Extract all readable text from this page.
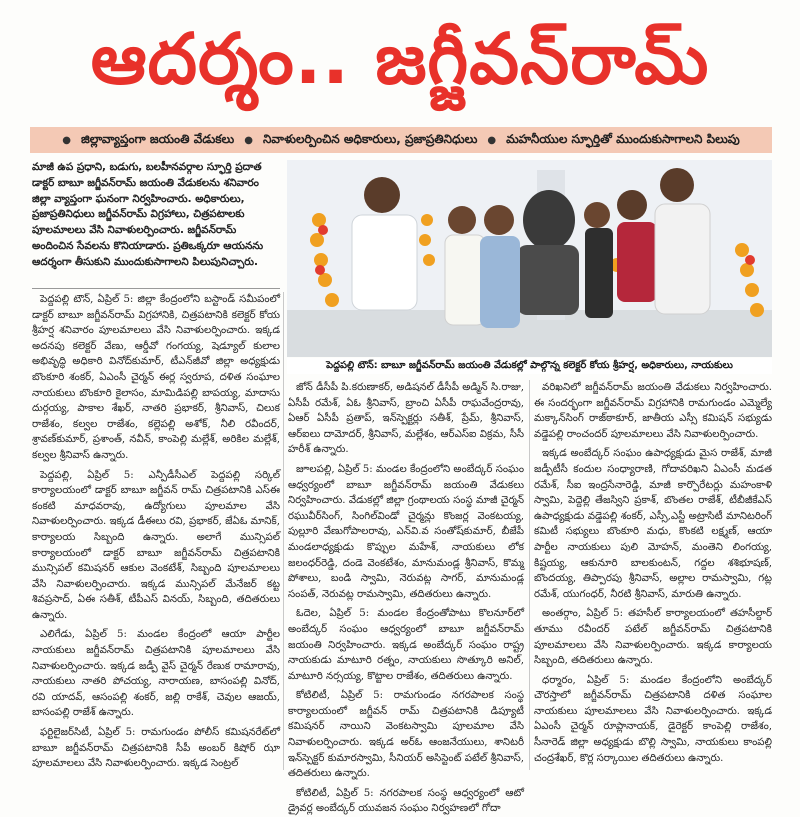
ఆదర్శం.. జగ్జీవన్‌రామ్
● జిల్లావ్యాప్తంగా జయంతి వేడుకలు ● నివాళులర్పించిన అధికారులు, ప్రజాప్రతినిధులు ● మహనీయుల స్ఫూర్తితో ముందుకుసాగాలని పిలుపు
మాజీ ఉప ప్రధాని, బడుగు, బలహీనవర్గాల స్ఫూర్తి ప్రదాత డాక్టర్ బాబూ జగ్జీవన్‌రామ్ జయంతి వేడుకలను శనివారం జిల్లా వ్యాప్తంగా ఘనంగా నిర్వహించారు. అధికారులు, ప్రజాప్రతినిధులు జగ్జీవన్‌రామ్ విగ్రహాలు, చిత్రపటాలకు పూలమాలలు వేసి నివాళులర్పించారు. జగ్జీవన్‌రామ్ అందించిన సేవలను కొనియాడారు. ప్రతిఒక్కరూ ఆయనను ఆదర్శంగా తీసుకుని ముందుకుసాగాలని పిలుపునిచ్చారు.
పెద్దపల్లి టౌన్: బాబూ జగ్జీవన్‌రామ్ జయంతి వేడుకల్లో పాల్గొన్న కలెక్టర్ కోయ శ్రీహర్ష, అధికారులు, నాయకులు

పెద్దపల్లి టౌన్, ఏప్రిల్ 5: జిల్లా కేంద్రంలోని బస్టాండ్ సమీపంలో డాక్టర్ బాబూ జగ్జీవన్‌రామ్ విగ్రహానికి, చిత్రపటానికి కలెక్టర్ కోయ శ్రీహర్ష శనివారం పూలమాలలు వేసి నివాళులర్పించారు. ఇక్కడ అదనపు కలెక్టర్ వేణు, ఆర్డీవో గంగయ్య, షెడ్యూల్ కులాల అభివృద్ధి అధికారి వినోద్‌కుమార్, టీఎన్‌జీవో జిల్లా అధ్యక్షుడు బొంకూరి శంకర్, ఏఎంసీ చైర్మన్ ఈర్ల స్వరూప, దళిత సంఘాల నాయకులు బొంకూరి కైలాసం, మామిడిపల్లి బాపయ్య, మాదాసు దుర్గయ్య, పాకాల శేఖర్, నాతరి ప్రభాకర్, శ్రీనివాస్, చిలుక రాజేశం, కల్వల రాజేశం, కల్లెపల్లి అశోక్, నీలి రవీందర్, శ్రావణ్‌కుమార్, ప్రశాంత్, నవీన్, కాంపెల్లి మల్లేశ్, అరికిల మల్లేశ్, కల్వల శ్రీనివాస్ ఉన్నారు.

పెద్దపల్లి, ఏప్రిల్ 5: ఎన్పీడీసీఎల్ పెద్దపల్లి సర్కిల్ కార్యాలయంలో డాక్టర్ బాబూ జగ్జీవన్ రామ్ చిత్రపటానికి ఎస్ఈ కంకటి మాధవరావు, ఉద్యోగులు పూలమాల వేసి నివాళులర్పించారు. ఇక్కడ డీఈలు రవి, ప్రభాకర్, జేఏఓ మానిక్, కార్యాలయ సిబ్బంది ఉన్నారు. అలాగే మున్సిపల్ కార్యాలయంలో డాక్టర్ బాబూ జగ్జీవన్‌రామ్ చిత్రపటానికి మున్సిపల్ కమిషనర్ ఆకుల వెంకటేశ్, సిబ్బంది పూలమాలలు వేసి నివాళులర్పించారు. ఇక్కడ మున్సిపల్ మేనేజర్ కట్ట శివప్రసాద్, ఏఈ సతీశ్, టీపీఎస్ వినయ్, సిబ్బంది, తదితరులు ఉన్నారు.

ఎలిగేడు, ఏప్రిల్ 5: మండల కేంద్రంలో ఆయా పార్టీల నాయకులు జగ్జీవన్‌రామ్ చిత్రపటానికి పూలమాలలు వేసి నివాళులర్పించారు. ఇక్కడ జడ్పీ వైస్ చైర్మన్ రేణుక రామారావు, నాయకులు నాతరి పోచయ్య, నారాయణ, బాసంపల్లి వినోద్, రవి యాదవ్, ఆసంపల్లి శంకర్, జల్లి రాకేశ్, చెవుల ఆజయ్, బాసంపల్లి రాజేశ్ ఉన్నారు.

ఫర్టిలైజర్‌సిటీ, ఏప్రిల్ 5: రామగుండం పోలీస్ కమిషనరేట్‌లో బాబూ జగ్జీవన్‌రామ్ చిత్రపటానికి సీపీ అంబర్ కిషోర్ ఝా పూలమాలలు వేసి నివాళులర్పించారు. ఇక్కడ సెంట్రల్

జోన్ డీసీపీ పి.కరుణాకర్, అడిషనల్ డీసీపీ అడ్మిన్ సి.రాజు, ఏసీపీ రమేశ్, ఏఓ శ్రీనివాస్, బ్రాంచి ఏసీపీ రాఘవేంద్రరావు, ఏఆర్ ఏసీపీ ప్రతాప్, ఇన్‌స్పెక్టర్లు సతీశ్, ప్రేమ్, శ్రీనివాస్, ఆర్ఐలు దామోదర్, శ్రీనివాస్, మల్లేశం, ఆర్ఎస్ఐ విక్రమ, సీసీ హరీశ్ ఉన్నారు.

జూలపల్లి, ఏప్రిల్ 5: మండల కేంద్రంలోని అంబేద్కర్ సంఘం ఆధ్వర్యంలో బాబూ జగ్జీవన్‌రామ్ జయంతి వేడుకలు నిర్వహించారు. వేడుకల్లో జిల్లా గ్రంథాలయ సంస్థ మాజీ చైర్మన్ రఘువీర్‌సింగ్, సింగిల్‌విండో చైర్మన్లు కొంజర్ల వెంకటయ్య, పుల్లూరి వేణుగోపాలరావు, ఎన్‌వి.వ‌ సంతోష్‌కుమార్, బీజేపీ మండలాధ్యక్షుడు కొప్పుల మహేశ్, నాయకులు లోక జలంధర్‌రెడ్డి, దండె వెంకటేశం, మానుమండ్ల శ్రీనివాస్, కొమ్మ పోశాలు, బండి స్వామి, నెరువట్ల సాగర్, మానుమండ్ల సంపత్, నెరువట్ల రామస్వామి, తదితరులు ఉన్నారు.

ఓదెల, ఏప్రిల్ 5: మండల కేంద్రంతోపాటు కొలనూర్‌లో అంబేద్కర్ సంఘం ఆధ్వర్యంలో బాబూ జగ్జీవన్‌రామ్ జయంతి నిర్వహించారు. ఇక్కడ అంబేద్కర్ సంఘం రాష్ట్ర నాయకుడు మాటూరి రత్నం, నాయకులు సొత్కూరి అనిల్, మాటూరి నర్సయ్య, కొట్టాల రాజేశం, తదితరులు ఉన్నారు.

కోటిలిటీ, ఏప్రిల్ 5: రామగుండం నగరపాలక సంస్థ కార్యాలయంలో జగ్జీవన్ రామ్ చిత్రపటానికి డిప్యూటీ కమిషనర్ నాయిని వెంకటస్వామి పూలమాల వేసి నివాళులర్పించారు. ఇక్కడ అర్ఓ ఆంజనేయులు, శానిటరీ ఇన్‌స్పెక్టర్ కుమారస్వామి, సీనియర్ అసిస్టెంట్ పటేల్ శ్రీనివాస్, తదితరులు ఉన్నారు.

కోటిలిటీ, ఏప్రిల్ 5: నగరపాలక సంస్థ ఆధ్వర్యంలో ఆటో డ్రైవర్ల అంబేద్కర్ యువజన సంఘం నిర్వహణలో గోదా

వరిఖనిలో జగ్జీవన్‌రామ్ జయంతి వేడుకలు నిర్వహించారు. ఈ సందర్భంగా జగ్జీవన్‌రామ్ విగ్రహానికి రామగుండం ఎమ్మెల్యే మక్కాన్‌సింగ్ రాజ్‌ఠాకూర్, జాతీయ ఎస్సీ కమిషన్ సభ్యుడు వడ్డెపల్లి రాంచందర్ పూలమాలలు వేసి నివాళులర్పించారు.

ఇక్కడ అంబేద్కర్ సంఘం ఉపాధ్యక్షుడు మైస రాజేశ్, మాజీ జడ్పీటీసీ కందుల సంధ్యారాణి, గోదావరిఖని ఏఎంసీ మడత రమేశ్, సీఐ ఇంద్రసేనారెడ్డి, మాజీ కార్పొరేటర్లు మహంకాళి స్వామి, పెద్దెల్లి తేజస్విని ప్రకాశ్, బొంతల రాజేశ్, టీబీజీకేఎస్ ఉపాధ్యక్షుడు వడ్డెపల్లి శంకర్, ఎస్సీ,ఎస్టీ అట్రాసిటీ మానిటరింగ్ కమిటీ సభ్యులు బొంకూరి మధు, కొంకటి లక్ష్మణ్, ఆయా పార్టీల నాయకులు పులి మోహన్, మంతెని లింగయ్య, కిష్టయ్య, ఆకునూరి బాలకుంటన్, గద్దల శశిభూషణ్, బొందయ్య, తిప్పారపు శ్రీనివాస్, అల్లాల రామస్వామి, గట్ల రమేశ్, యుగంధర్, నీరటి శ్రీనివాస్, మారుతి ఉన్నారు.

అంతర్గాం, ఏప్రిల్ 5: తహసీల్ కార్యాలయంలో తహసీల్దార్ తూము రవీందర్ పటేల్ జగ్జీవన్‌రామ్ చిత్రపటానికి పూలమాలలు వేసి నివాళులర్పించారు. ఇక్కడ కార్యాలయ సిబ్బంది, తదితరులు ఉన్నారు.

ధర్మారం, ఏప్రిల్ 5: మండల కేంద్రంలోని అంబేద్కర్ చౌరస్తాలో జగ్జీవన్‌రామ్ చిత్రపటానికి దళిత సంఘాల నాయకులు పూలమాలలు వేసి నివాళులర్పించారు. ఇక్కడ ఏఎంసీ చైర్మన్ రూప్లానాయక్, డైరెక్టర్ కాంపెల్లి రాజేశం, సీనారెడ్ జిల్లా అధ్యక్షుడు బొల్లి స్వామి, నాయకులు కాంపల్లి చంద్రశేఖర్, కొర్ల సర్కాయిల తదితరులు ఉన్నారు.
